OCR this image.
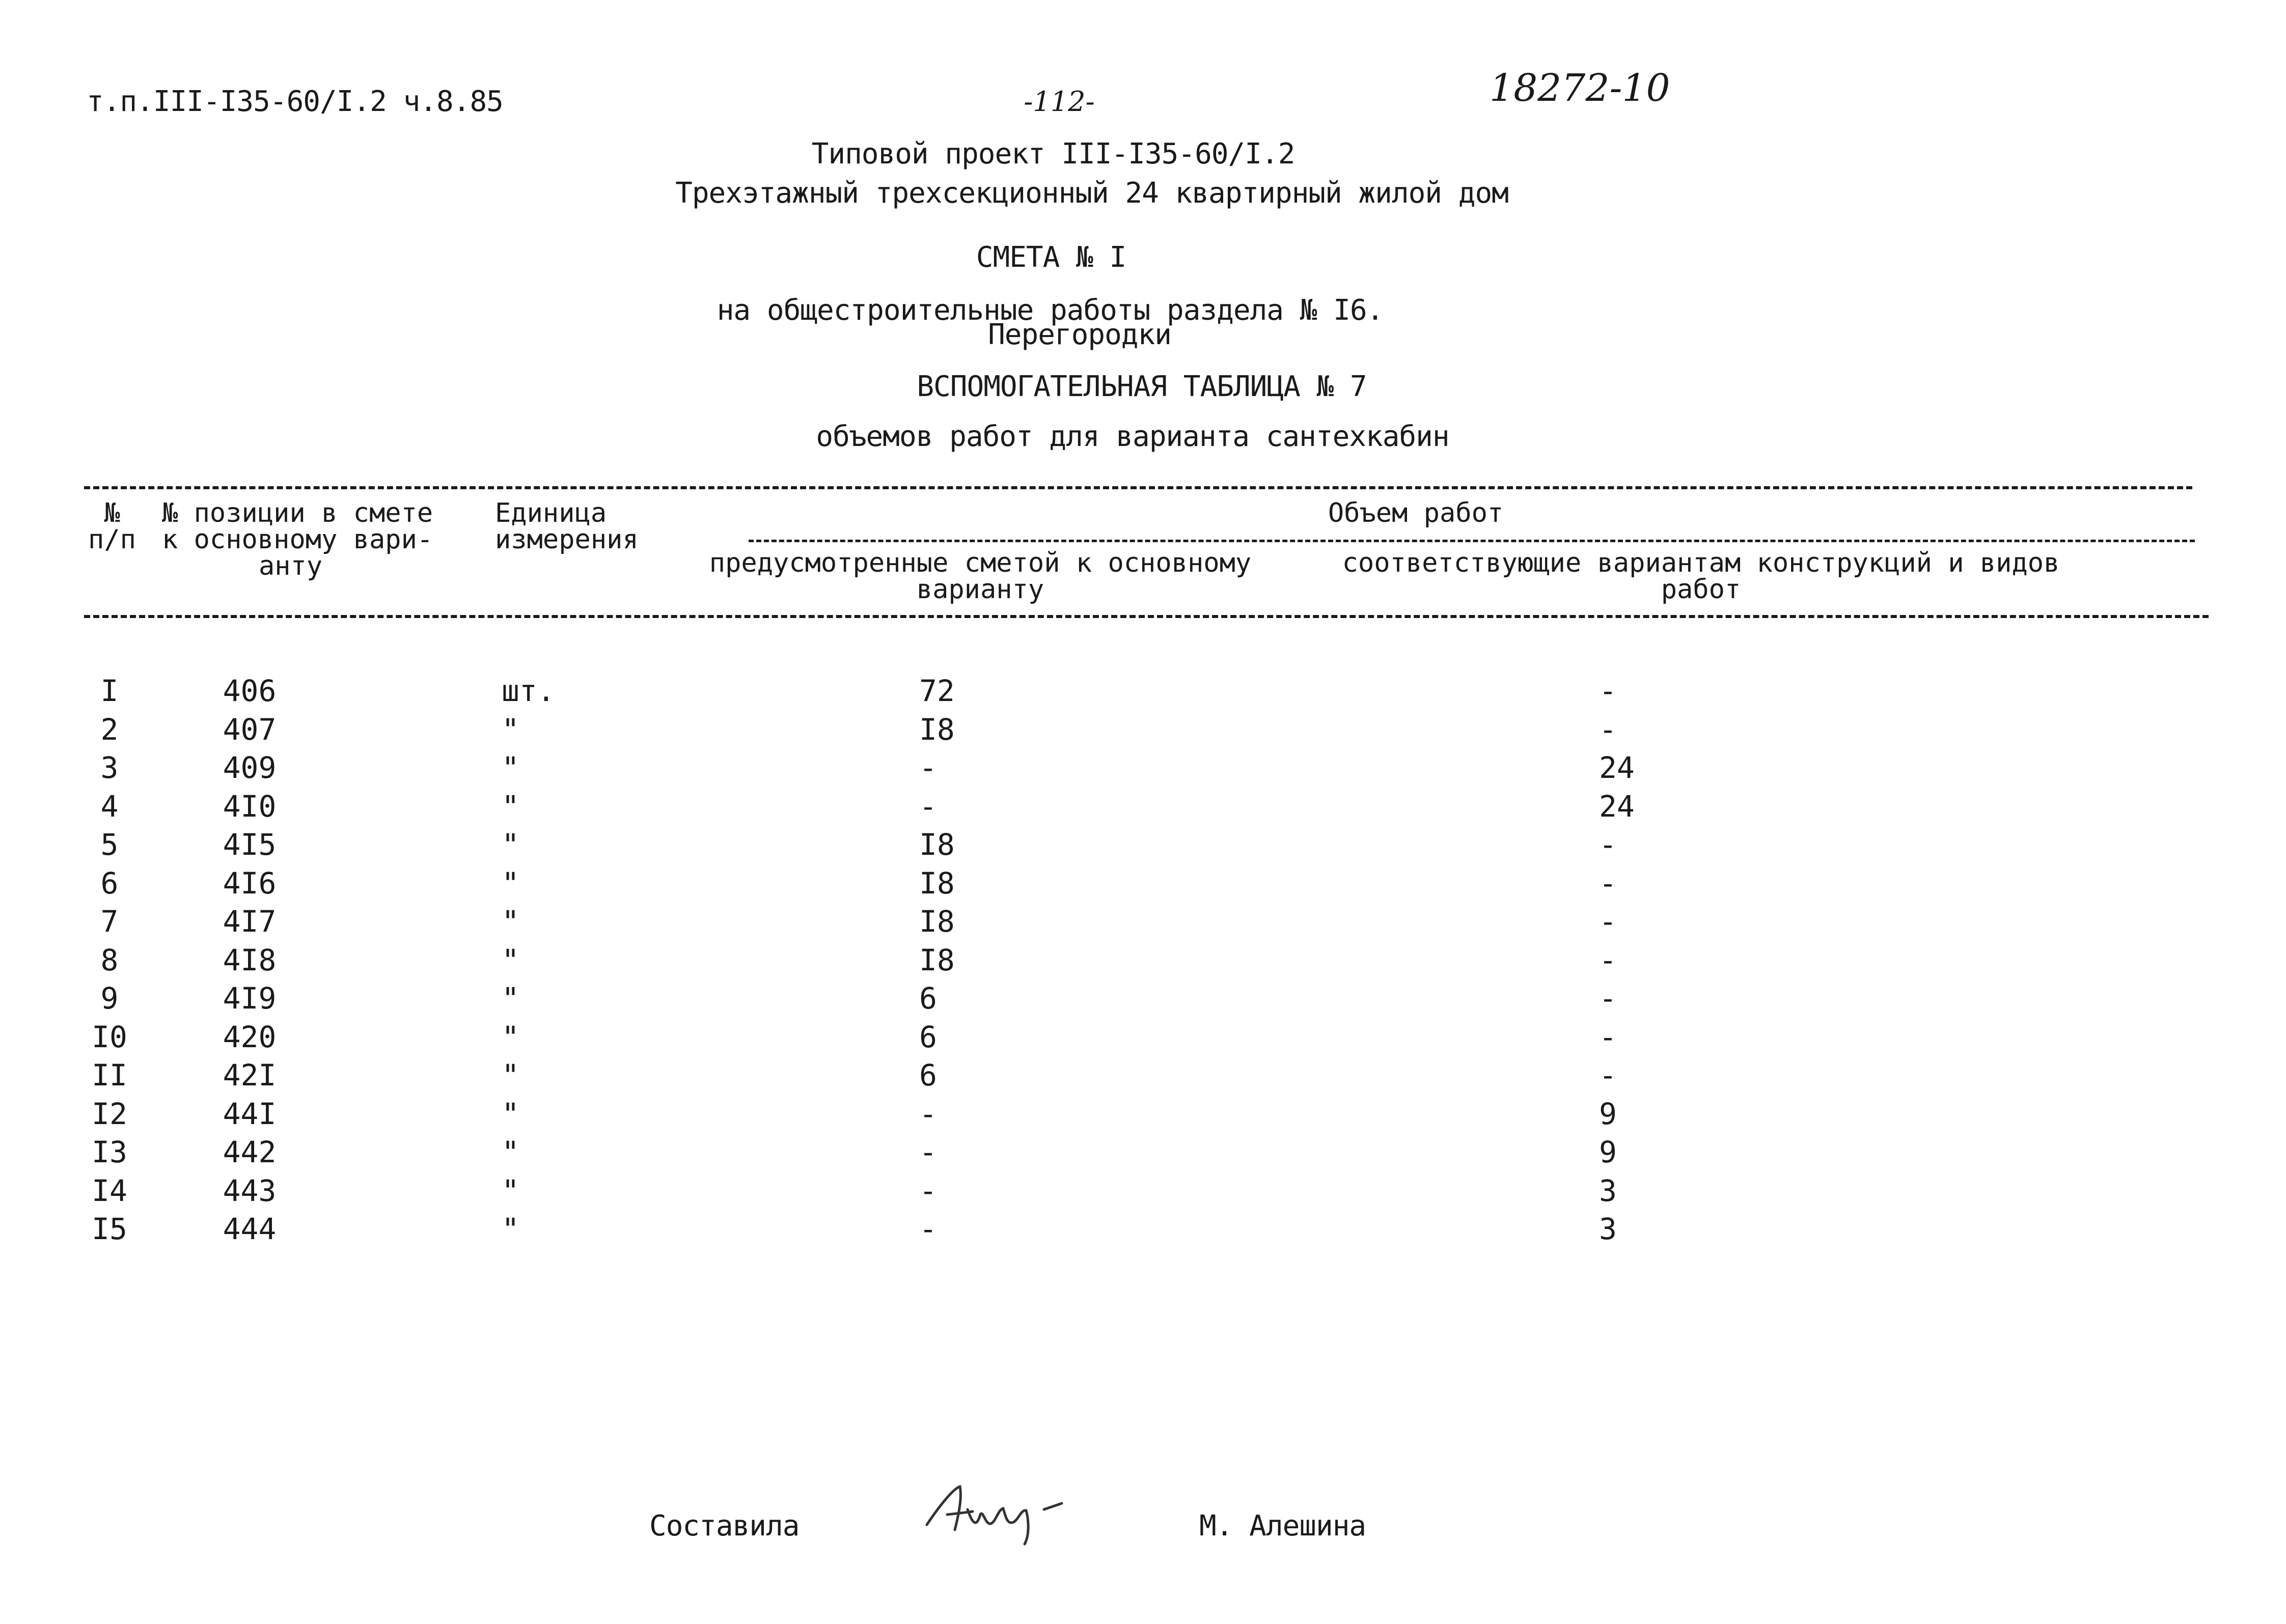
т.п.III-I35-60/I.2 ч.8.85	-112-	18272-10
Типовой проект III-I35-60/I.2
Трехэтажный трехсекционный 24 квартирный жилой дом
СМЕТА № I
на общестроительные работы раздела № I6.
Перегородки
ВСПОМОГАТЕЛЬНАЯ ТАБЛИЦА № 7
объемов работ для варианта сантехкабин
№
п/п
№ позиции в смете
к основному вари-
анту
Единица
измерения
Объем работ
предусмотренные сметой к основному
варианту
соответствующие вариантам конструкций и видов
работ
I	406	шт.	72	-
2	407	"	I8	-
3	409	"	-	24
4	4I0	"	-	24
5	4I5	"	I8	-
6	4I6	"	I8	-
7	4I7	"	I8	-
8	4I8	"	I8	-
9	4I9	"	6	-
I0	420	"	6	-
II	42I	"	6	-
I2	44I	"	-	9
I3	442	"	-	9
I4	443	"	-	3
I5	444	"	-	3
Составила	М. Алешина
